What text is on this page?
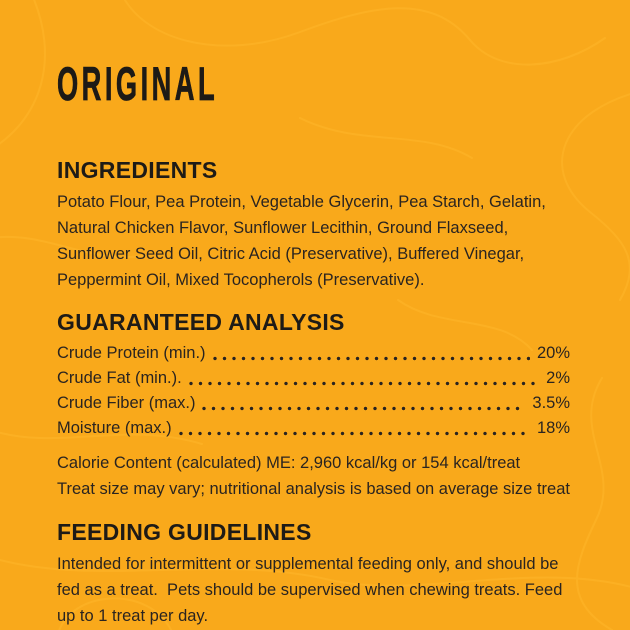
ORIGINAL
INGREDIENTS

Potato Flour, Pea Protein, Vegetable Glycerin, Pea Starch, Gelatin, Natural Chicken Flavor, Sunflower Lecithin, Ground Flaxseed, Sunflower Seed Oil, Citric Acid (Preservative), Buffered Vinegar, Peppermint Oil, Mixed Tocopherols (Preservative).

GUARANTEED ANALYSIS
Crude Protein (min.)	20%
Crude Fat (min.).	2%
Crude Fiber (max.)	3.5%
Moisture (max.)	18%

Calorie Content (calculated) ME: 2,960 kcal/kg or 154 kcal/treat

Treat size may vary; nutritional analysis is based on average size treat

FEEDING GUIDELINES

Intended for intermittent or supplemental feeding only, and should be fed as a treat.  Pets should be supervised when chewing treats. Feed up to 1 treat per day.
